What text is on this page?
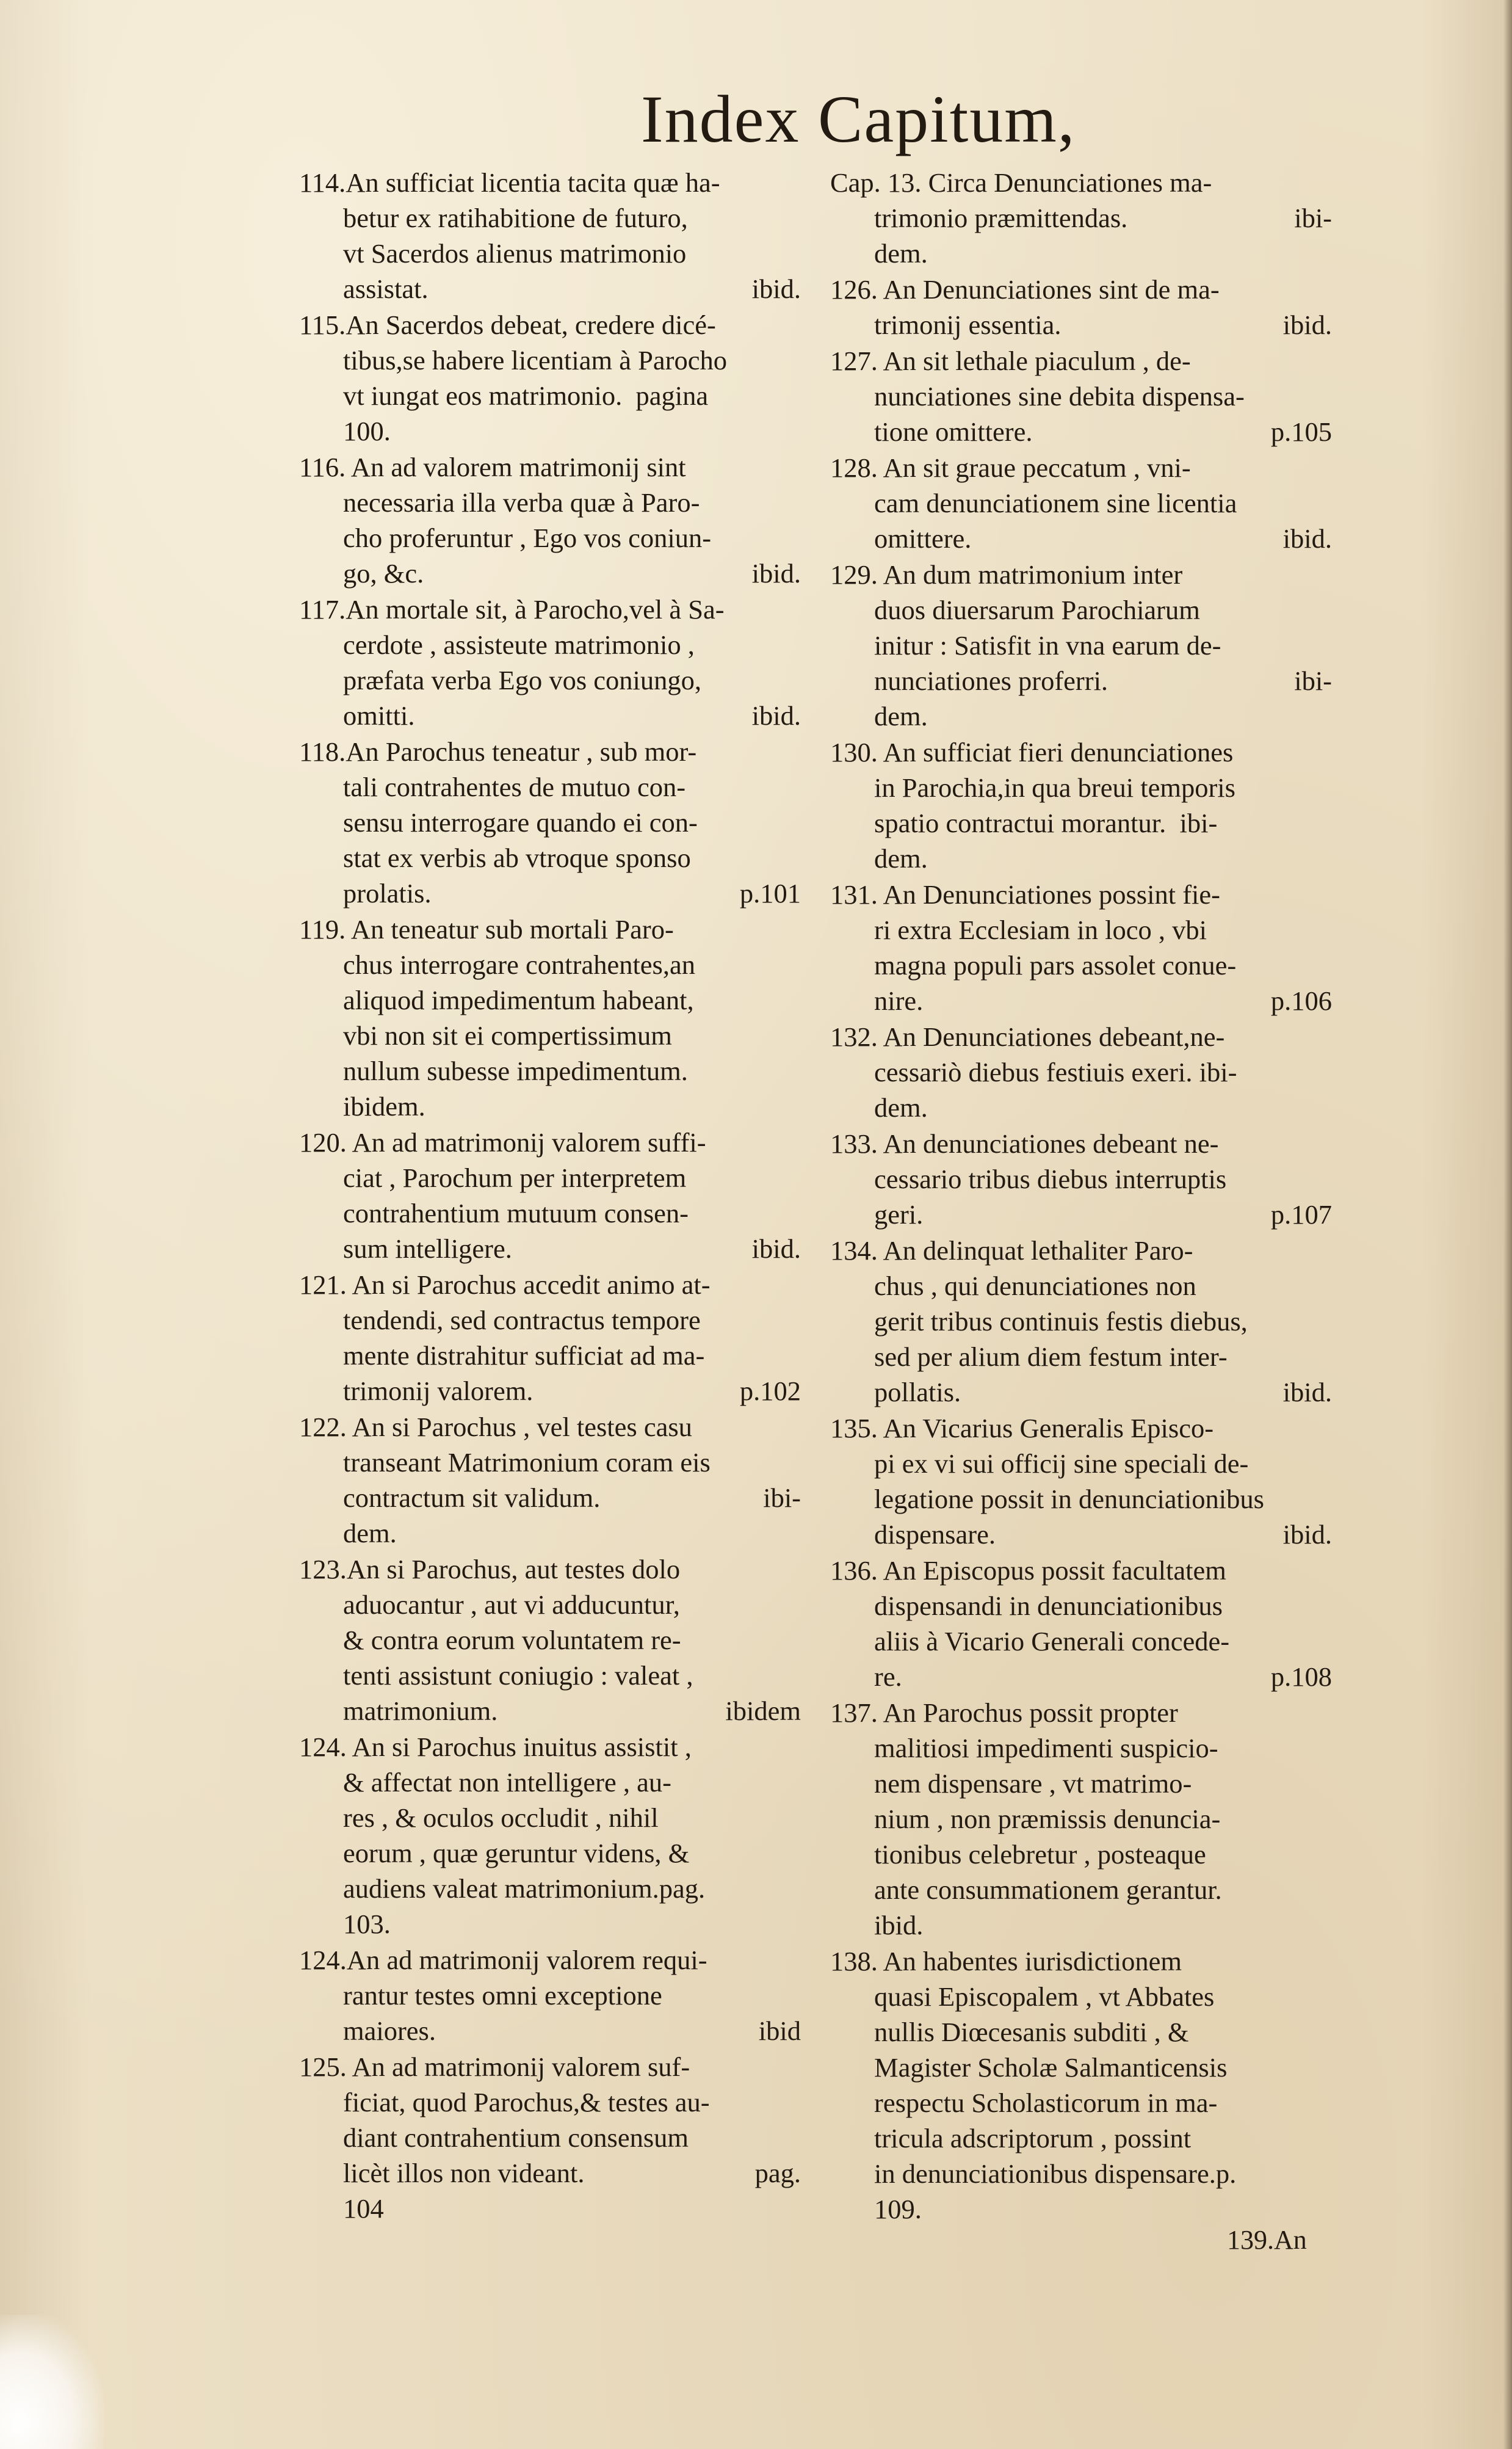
Index Capitum,
114.An sufficiat licentia tacita quæ ha-
betur ex ratihabitione de futuro,
vt Sacerdos alienus matrimonio
assistat.	ibid.
115.An Sacerdos debeat, credere dicé-
tibus,se habere licentiam à Parocho
vt iungat eos matrimonio.  pagina
100.
116. An ad valorem matrimonij sint
necessaria illa verba quæ à Paro-
cho proferuntur , Ego vos coniun-
go, &c.	ibid.
117.An mortale sit, à Parocho,vel à Sa-
cerdote , assisteute matrimonio ,
præfata verba Ego vos coniungo,
omitti.	ibid.
118.An Parochus teneatur , sub mor-
tali contrahentes de mutuo con-
sensu interrogare quando ei con-
stat ex verbis ab vtroque sponso
prolatis.	p.101
119. An teneatur sub mortali Paro-
chus interrogare contrahentes,an
aliquod impedimentum habeant,
vbi non sit ei compertissimum
nullum subesse impedimentum.
ibidem.
120. An ad matrimonij valorem suffi-
ciat , Parochum per interpretem
contrahentium mutuum consen-
sum intelligere.	ibid.
121. An si Parochus accedit animo at-
tendendi, sed contractus tempore
mente distrahitur sufficiat ad ma-
trimonij valorem.	p.102
122. An si Parochus , vel testes casu
transeant Matrimonium coram eis
contractum sit validum.	ibi-
dem.
123.An si Parochus, aut testes dolo
aduocantur , aut vi adducuntur,
& contra eorum voluntatem re-
tenti assistunt coniugio : valeat ,
matrimonium.	ibidem
124. An si Parochus inuitus assistit ,
& affectat non intelligere , au-
res , & oculos occludit , nihil
eorum , quæ geruntur videns, &
audiens valeat matrimonium.pag.
103.
124.An ad matrimonij valorem requi-
rantur testes omni exceptione
maiores.	ibid
125. An ad matrimonij valorem suf-
ficiat, quod Parochus,& testes au-
diant contrahentium consensum
licèt illos non videant.	pag.
104
Cap. 13. Circa Denunciationes ma-
trimonio præmittendas.	ibi-
dem.
126. An Denunciationes sint de ma-
trimonij essentia.	ibid.
127. An sit lethale piaculum , de-
nunciationes sine debita dispensa-
tione omittere.	p.105
128. An sit graue peccatum , vni-
cam denunciationem sine licentia
omittere.	ibid.
129. An dum matrimonium inter
duos diuersarum Parochiarum
initur : Satisfit in vna earum de-
nunciationes proferri.	ibi-
dem.
130. An sufficiat fieri denunciationes
in Parochia,in qua breui temporis
spatio contractui morantur.  ibi-
dem.
131. An Denunciationes possint fie-
ri extra Ecclesiam in loco , vbi
magna populi pars assolet conue-
nire.	p.106
132. An Denunciationes debeant,ne-
cessariò diebus festiuis exeri. ibi-
dem.
133. An denunciationes debeant ne-
cessario tribus diebus interruptis
geri.	p.107
134. An delinquat lethaliter Paro-
chus , qui denunciationes non
gerit tribus continuis festis diebus,
sed per alium diem festum inter-
pollatis.	ibid.
135. An Vicarius Generalis Episco-
pi ex vi sui officij sine speciali de-
legatione possit in denunciationibus
dispensare.	ibid.
136. An Episcopus possit facultatem
dispensandi in denunciationibus
aliis à Vicario Generali concede-
re.	p.108
137. An Parochus possit propter
malitiosi impedimenti suspicio-
nem dispensare , vt matrimo-
nium , non præmissis denuncia-
tionibus celebretur , posteaque
ante consummationem gerantur.
ibid.
138. An habentes iurisdictionem
quasi Episcopalem , vt Abbates
nullis Diœcesanis subditi , &
Magister Scholæ Salmanticensis
respectu Scholasticorum in ma-
tricula adscriptorum , possint
in denunciationibus dispensare.p.
109.
139.An
